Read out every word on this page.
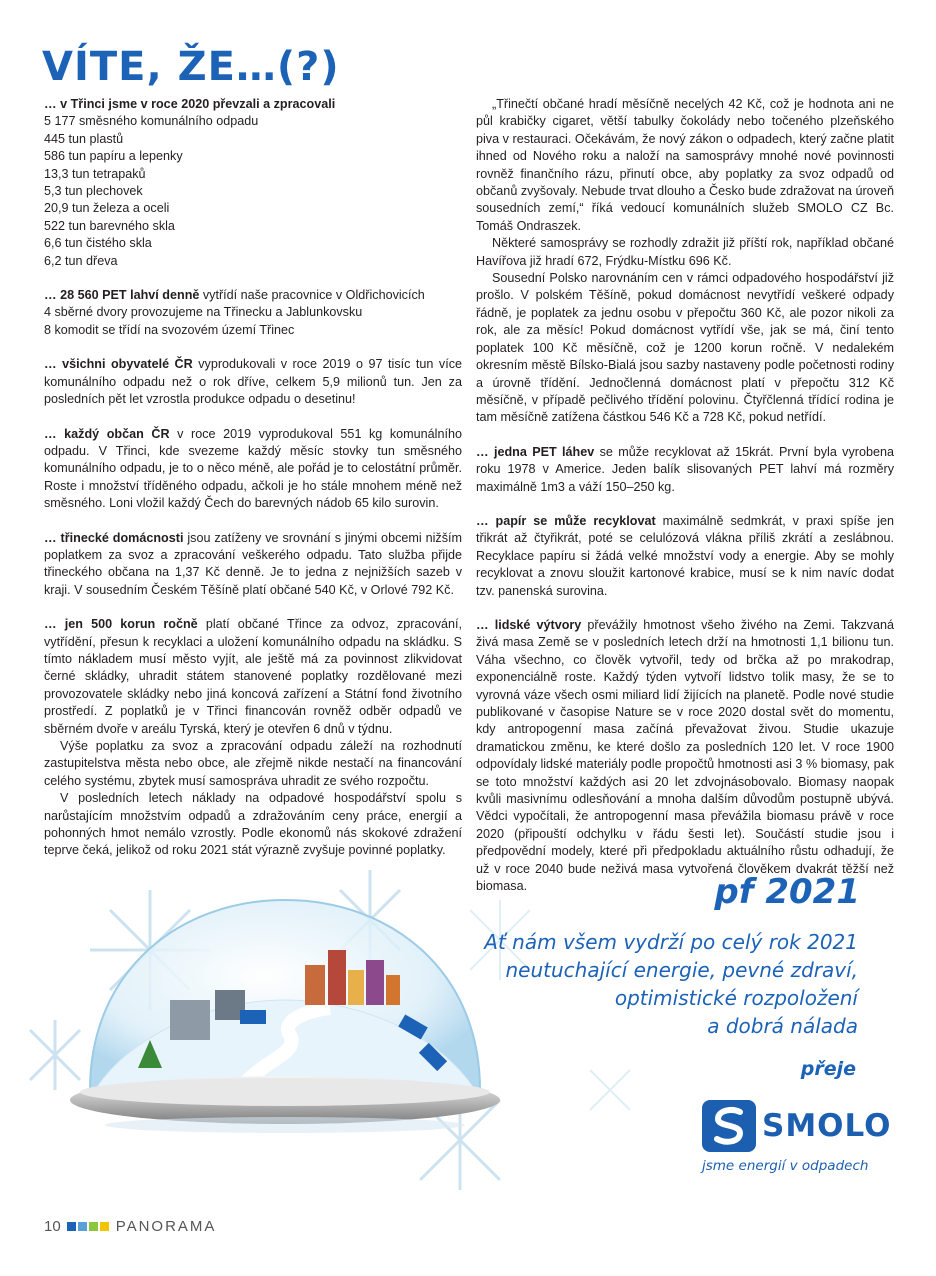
VÍTE, ŽE…(?)
… v Třinci jsme v roce 2020 převzali a zpracovali
5 177 směsného komunálního odpadu
445 tun plastů
586 tun papíru a lepenky
13,3 tun tetrapaků
5,3 tun plechovek
20,9 tun železa a oceli
522 tun barevného skla
6,6 tun čistého skla
6,2 tun dřeva
… 28 560 PET lahví denně vytřídí naše pracovnice v Oldřichovicích
4 sběrné dvory provozujeme na Třinecku a Jablunkovsku
8 komodit se třídí na svozovém území Třinec

… všichni obyvatelé ČR vyprodukovali v roce 2019 o 97 tisíc tun více komunálního odpadu než o rok dříve, celkem 5,9 milionů tun. Jen za posledních pět let vzrostla produkce odpadu o desetinu!

… každý občan ČR v roce 2019 vyprodukoval 551 kg komunálního odpadu. V Třinci, kde svezeme každý měsíc stovky tun směsného komunálního odpadu, je to o něco méně, ale pořád je to celostátní průměr. Roste i množství tříděného odpadu, ačkoli je ho stále mnohem méně než směsného. Loni vložil každý Čech do barevných nádob 65 kilo surovin.

… třinecké domácnosti jsou zatíženy ve srovnání s jinými obcemi nižším poplatkem za svoz a zpracování veškerého odpadu. Tato služba přijde třineckého občana na 1,37 Kč denně. Je to jedna z nejnižších sazeb v kraji. V sousedním Českém Těšíně platí občané 540 Kč, v Orlové 792 Kč.

… jen 500 korun ročně platí občané Třince za odvoz, zpracování, vytřídění, přesun k recyklaci a uložení komunálního odpadu na skládku. S tímto nákladem musí město vyjít, ale ještě má za povinnost zlikvidovat černé skládky, uhradit státem stanovené poplatky rozdělované mezi provozovatele skládky nebo jiná koncová zařízení a Státní fond životního prostředí. Z poplatků je v Třinci financován rovněž odběr odpadů ve sběrném dvoře v areálu Tyrská, který je otevřen 6 dnů v týdnu.

Výše poplatku za svoz a zpracování odpadu záleží na rozhodnutí zastupitelstva města nebo obce, ale zřejmě nikde nestačí na financování celého systému, zbytek musí samospráva uhradit ze svého rozpočtu.

V posledních letech náklady na odpadové hospodářství spolu s narůstajícím množstvím odpadů a zdražováním ceny práce, energií a pohonných hmot nemálo vzrostly. Podle ekonomů nás skokové zdražení teprve čeká, jelikož od roku 2021 stát výrazně zvyšuje povinné poplatky.

„Třinečtí občané hradí měsíčně necelých 42 Kč, což je hodnota ani ne půl krabičky cigaret, větší tabulky čokolády nebo točeného plzeňského piva v restauraci. Očekávám, že nový zákon o odpadech, který začne platit ihned od Nového roku a naloží na samosprávy mnohé nové povinnosti rovněž finančního rázu, přinutí obce, aby poplatky za svoz odpadů od občanů zvyšovaly. Nebude trvat dlouho a Česko bude zdražovat na úroveň sousedních zemí,“ říká vedoucí komunálních služeb SMOLO CZ Bc. Tomáš Ondraszek.

Některé samosprávy se rozhodly zdražit již příští rok, například občané Havířova již hradí 672, Frýdku-Místku 696 Kč.

Sousední Polsko narovnáním cen v rámci odpadového hospodářství již prošlo. V polském Těšíně, pokud domácnost nevytřídí veškeré odpady řádně, je poplatek za jednu osobu v přepočtu 360 Kč, ale pozor nikoli za rok, ale za měsíc! Pokud domácnost vytřídí vše, jak se má, činí tento poplatek 100 Kč měsíčně, což je 1200 korun ročně. V nedalekém okresním městě Bílsko-Bialá jsou sazby nastaveny podle početnosti rodiny a úrovně třídění. Jednočlenná domácnost platí v přepočtu 312 Kč měsíčně, v případě pečlivého třídění polovinu. Čtyřčlenná třídící rodina je tam měsíčně zatížena částkou 546 Kč a 728 Kč, pokud netřídí.

… jedna PET láhev se může recyklovat až 15krát. První byla vyrobena roku 1978 v Americe. Jeden balík slisovaných PET lahví má rozměry maximálně 1m3 a váží 150–250 kg.

… papír se může recyklovat maximálně sedmkrát, v praxi spíše jen třikrát až čtyřikrát, poté se celulózová vlákna příliš zkrátí a zeslábnou. Recyklace papíru si žádá velké množství vody a energie. Aby se mohly recyklovat a znovu sloužit kartonové krabice, musí se k nim navíc dodat tzv. panenská surovina.

… lidské výtvory převážily hmotnost všeho živého na Zemi. Takzvaná živá masa Země se v posledních letech drží na hmotnosti 1,1 bilionu tun. Váha všechno, co člověk vytvořil, tedy od brčka až po mrakodrap, exponenciálně roste. Každý týden vytvoří lidstvo tolik masy, že se to vyrovná váze všech osmi miliard lidí žijících na planetě. Podle nové studie publikované v časopise Nature se v roce 2020 dostal svět do momentu, kdy antropogenní masa začíná převažovat živou. Studie ukazuje dramatickou změnu, ke které došlo za posledních 120 let. V roce 1900 odpovídaly lidské materiály podle propočtů hmotnosti asi 3 % biomasy, pak se toto množství každých asi 20 let zdvojnásobovalo. Biomasy naopak kvůli masivnímu odlesňování a mnoha dalším důvodům postupně ubývá. Vědci vypočítali, že antropogenní masa převážila biomasu právě v roce 2020 (připouští odchylku v řádu šesti let). Součástí studie jsou i předpovědní modely, které při předpokladu aktuálního růstu odhadují, že už v roce 2040 bude neživá masa vytvořená člověkem dvakrát těžší než biomasa.	pf 2021
Ať nám všem vydrží po celý rok 2021
neutuchající energie, pevné zdraví,
optimistické rozpoložení
a dobrá nálada
přeje
SMOLO
jsme energií v odpadech
10	PANORAMA
